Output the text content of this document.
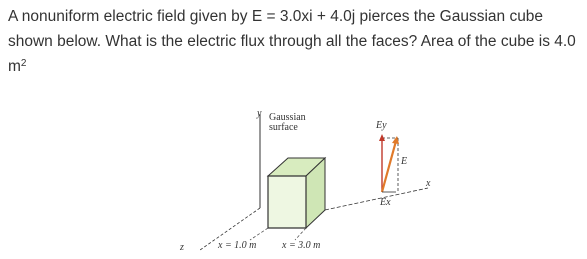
A nonuniform electric field given by E = 3.0xi + 4.0j pierces the Gaussian cube shown below. What is the electric flux through all the faces? Area of the cube is 4.0 $m^2$

y Gaussian
surface
z	x = 1.0 m	x = 3.0 m
x
Ey
E
Ex
